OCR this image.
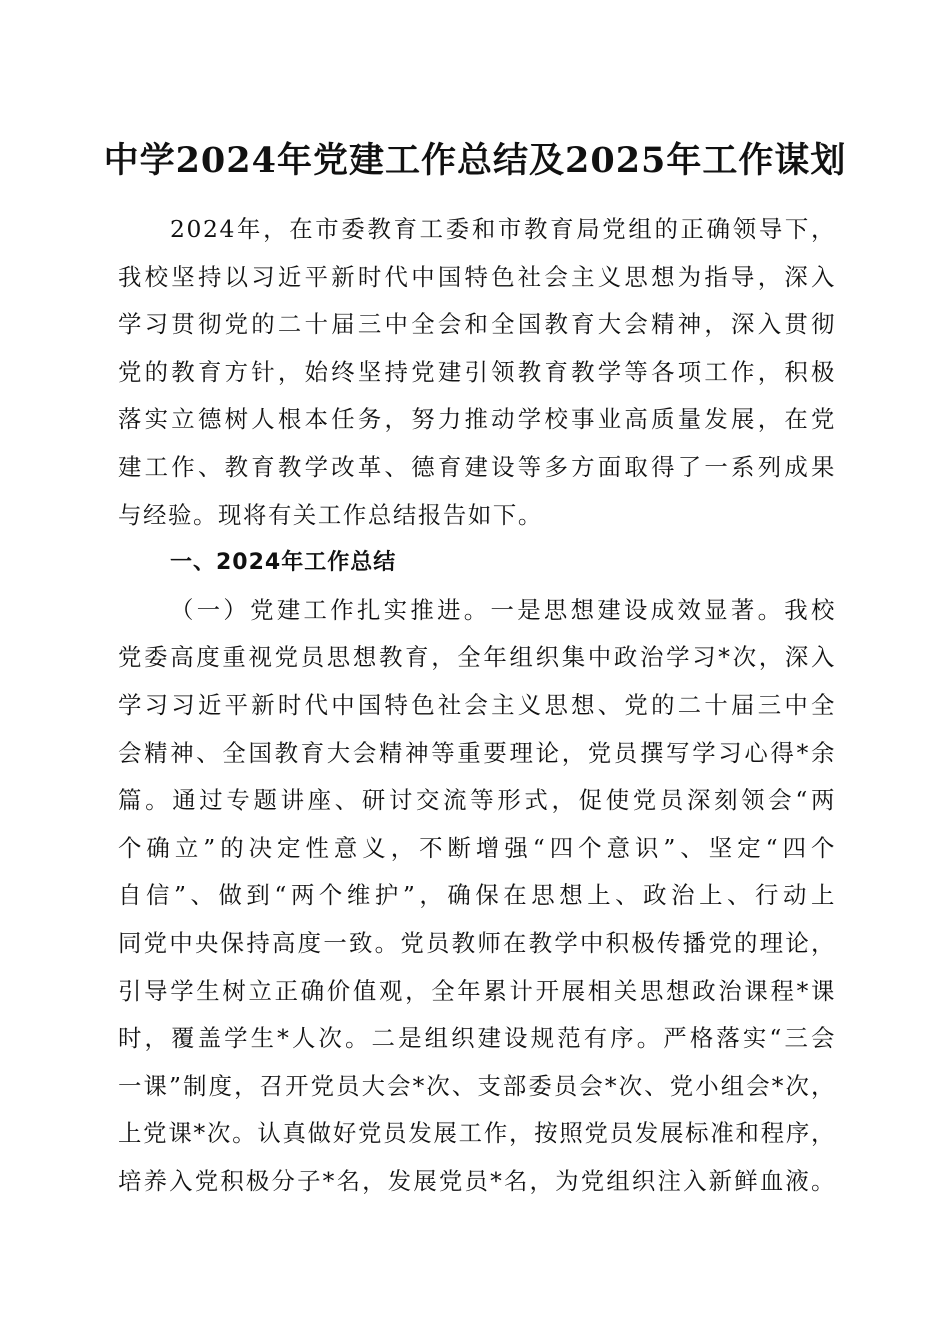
中学2024年党建工作总结及2025年工作谋划
2024年，在市委教育工委和市教育局党组的正确领导下，
我校坚持以习近平新时代中国特色社会主义思想为指导，深入
学习贯彻党的二十届三中全会和全国教育大会精神，深入贯彻
党的教育方针，始终坚持党建引领教育教学等各项工作，积极
落实立德树人根本任务，努力推动学校事业高质量发展，在党
建工作、教育教学改革、德育建设等多方面取得了一系列成果
与经验。现将有关工作总结报告如下。
一、2024年工作总结
（一）党建工作扎实推进。一是思想建设成效显著。我校
党委高度重视党员思想教育，全年组织集中政治学习*次，深入
学习习近平新时代中国特色社会主义思想、党的二十届三中全
会精神、全国教育大会精神等重要理论，党员撰写学习心得*余
篇。通过专题讲座、研讨交流等形式，促使党员深刻领会“两
个确立”的决定性意义，不断增强“四个意识”、坚定“四个
自信”、做到“两个维护”，确保在思想上、政治上、行动上
同党中央保持高度一致。党员教师在教学中积极传播党的理论，
引导学生树立正确价值观，全年累计开展相关思想政治课程*课
时，覆盖学生*人次。二是组织建设规范有序。严格落实“三会
一课”制度，召开党员大会*次、支部委员会*次、党小组会*次，
上党课*次。认真做好党员发展工作，按照党员发展标准和程序，
培养入党积极分子*名，发展党员*名，为党组织注入新鲜血液。
